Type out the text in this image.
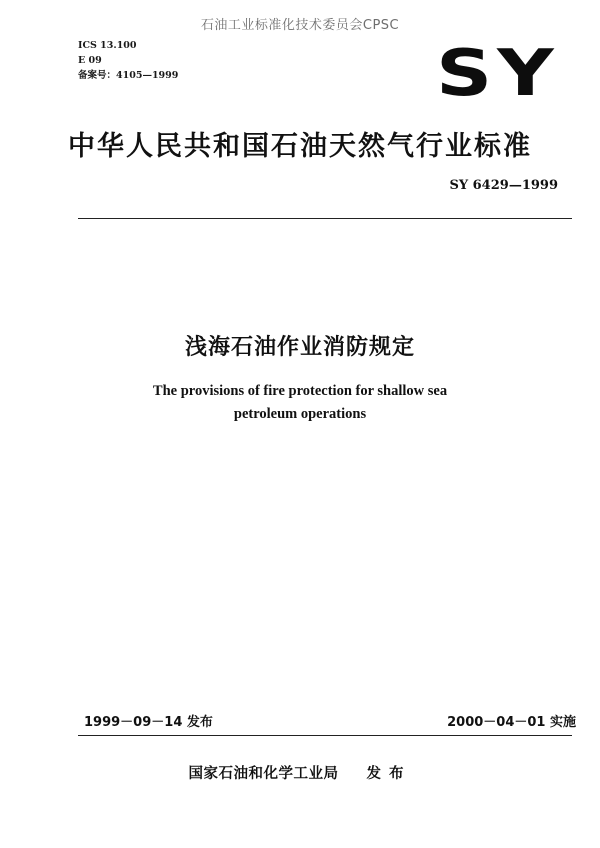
石油工业标准化技术委员会CPSC
ICS 13.100
E 09
备案号：4105—1999	SY
中华人民共和国石油天然气行业标准
SY 6429—1999
浅海石油作业消防规定
The provisions of fire protection for shallow sea
petroleum operations
1999－09－14 发布	2000－04－01 实施
国家石油和化学工业局 发布
